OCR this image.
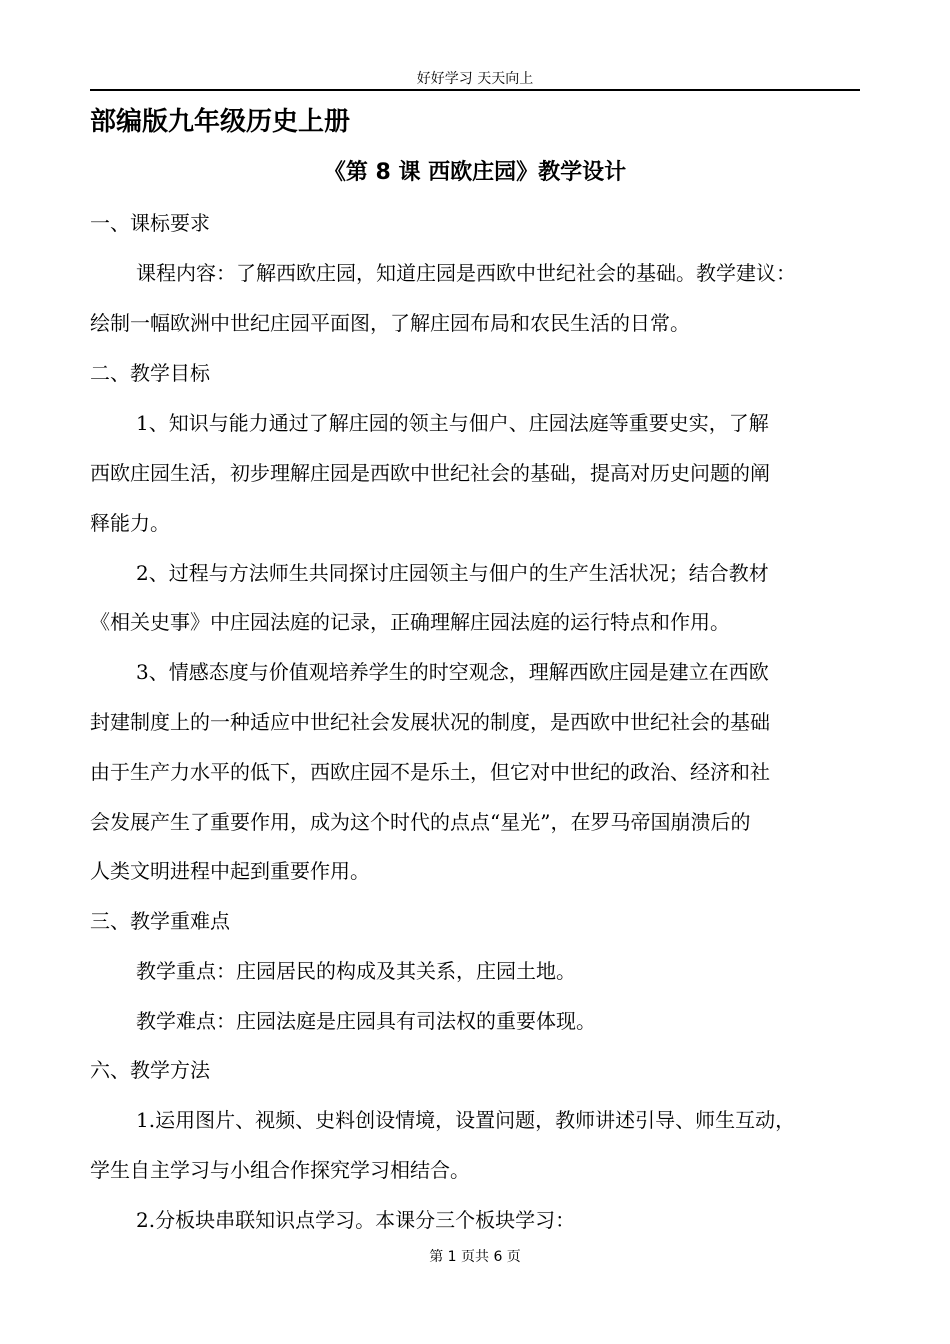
好好学习 天天向上
部编版九年级历史上册
《第 8 课 西欧庄园》教学设计
一、课标要求
课程内容：了解西欧庄园，知道庄园是西欧中世纪社会的基础。教学建议：
绘制一幅欧洲中世纪庄园平面图，了解庄园布局和农民生活的日常。
二、教学目标
1、知识与能力通过了解庄园的领主与佃户、庄园法庭等重要史实，了解
西欧庄园生活，初步理解庄园是西欧中世纪社会的基础，提高对历史问题的阐
释能力。
2、过程与方法师生共同探讨庄园领主与佃户的生产生活状况；结合教材
《相关史事》中庄园法庭的记录，正确理解庄园法庭的运行特点和作用。
3、情感态度与价值观培养学生的时空观念，理解西欧庄园是建立在西欧
封建制度上的一种适应中世纪社会发展状况的制度，是西欧中世纪社会的基础
由于生产力水平的低下，西欧庄园不是乐土，但它对中世纪的政治、经济和社
会发展产生了重要作用，成为这个时代的点点“星光”，在罗马帝国崩溃后的
人类文明进程中起到重要作用。
三、教学重难点
教学重点：庄园居民的构成及其关系，庄园土地。
教学难点：庄园法庭是庄园具有司法权的重要体现。
六、教学方法
1.运用图片、视频、史料创设情境，设置问题，教师讲述引导、师生互动，
学生自主学习与小组合作探究学习相结合。
2.分板块串联知识点学习。本课分三个板块学习：
第 1 页共 6 页
